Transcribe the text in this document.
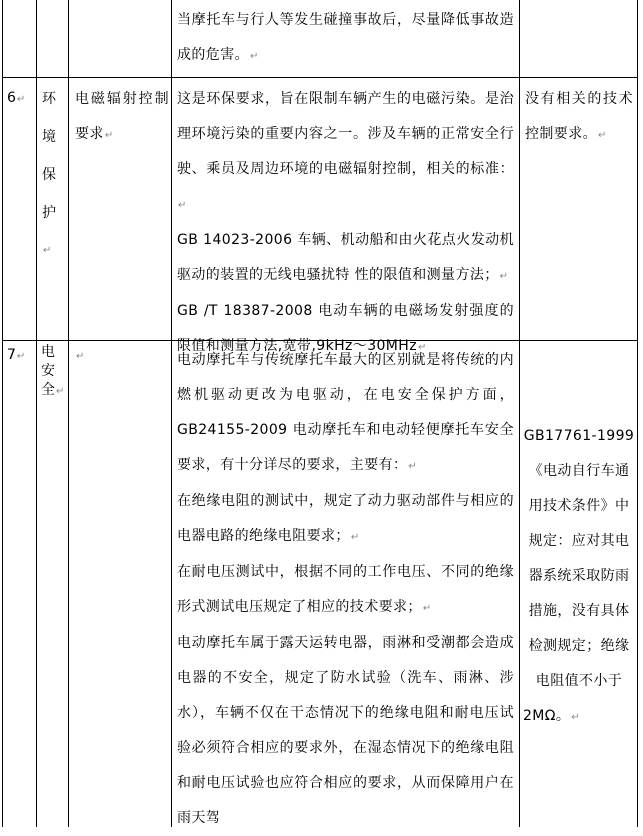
当摩托车与行人等发生碰撞事故后，尽量降低事故造成的危害。↵
6↵ 环
境
保
护
↵
电磁辐射控制要求↵
这是环保要求，旨在限制车辆产生的电磁污染。是治理环境污染的重要内容之一。涉及车辆的正常安全行驶、乘员及周边环境的电磁辐射控制，相关的标准：↵
GB 14023-2006 车辆、机动船和由火花点火发动机驱动的装置的无线电骚扰特 性的限值和测量方法；↵
GB /T 18387-2008 电动车辆的电磁场发射强度的限值和测量方法,宽带,9kHz～30MHz↵
没有相关的技术控制要求。↵
7↵ 电
安
全↵
↵	电动摩托车与传统摩托车最大的区别就是将传统的内燃机驱动更改为电驱动，在电安全保护方面，GB24155-2009 电动摩托车和电动轻便摩托车安全要求，有十分详尽的要求，主要有：↵
在绝缘电阻的测试中，规定了动力驱动部件与相应的电器电路的绝缘电阻要求；↵
在耐电压测试中，根据不同的工作电压、不同的绝缘形式测试电压规定了相应的技术要求；↵
电动摩托车属于露天运转电器，雨淋和受潮都会造成电器的不安全，规定了防水试验（洗车、雨淋、涉水），车辆不仅在干态情况下的绝缘电阻和耐电压试验必须符合相应的要求外，在湿态情况下的绝缘电阻和耐电压试验也应符合相应的要求，从而保障用户在雨天驾
GB17761-1999《电动自行车通用技术条件》中规定：应对其电器系统采取防雨措施，没有具体检测规定；绝缘电阻值不小于2MΩ。↵
